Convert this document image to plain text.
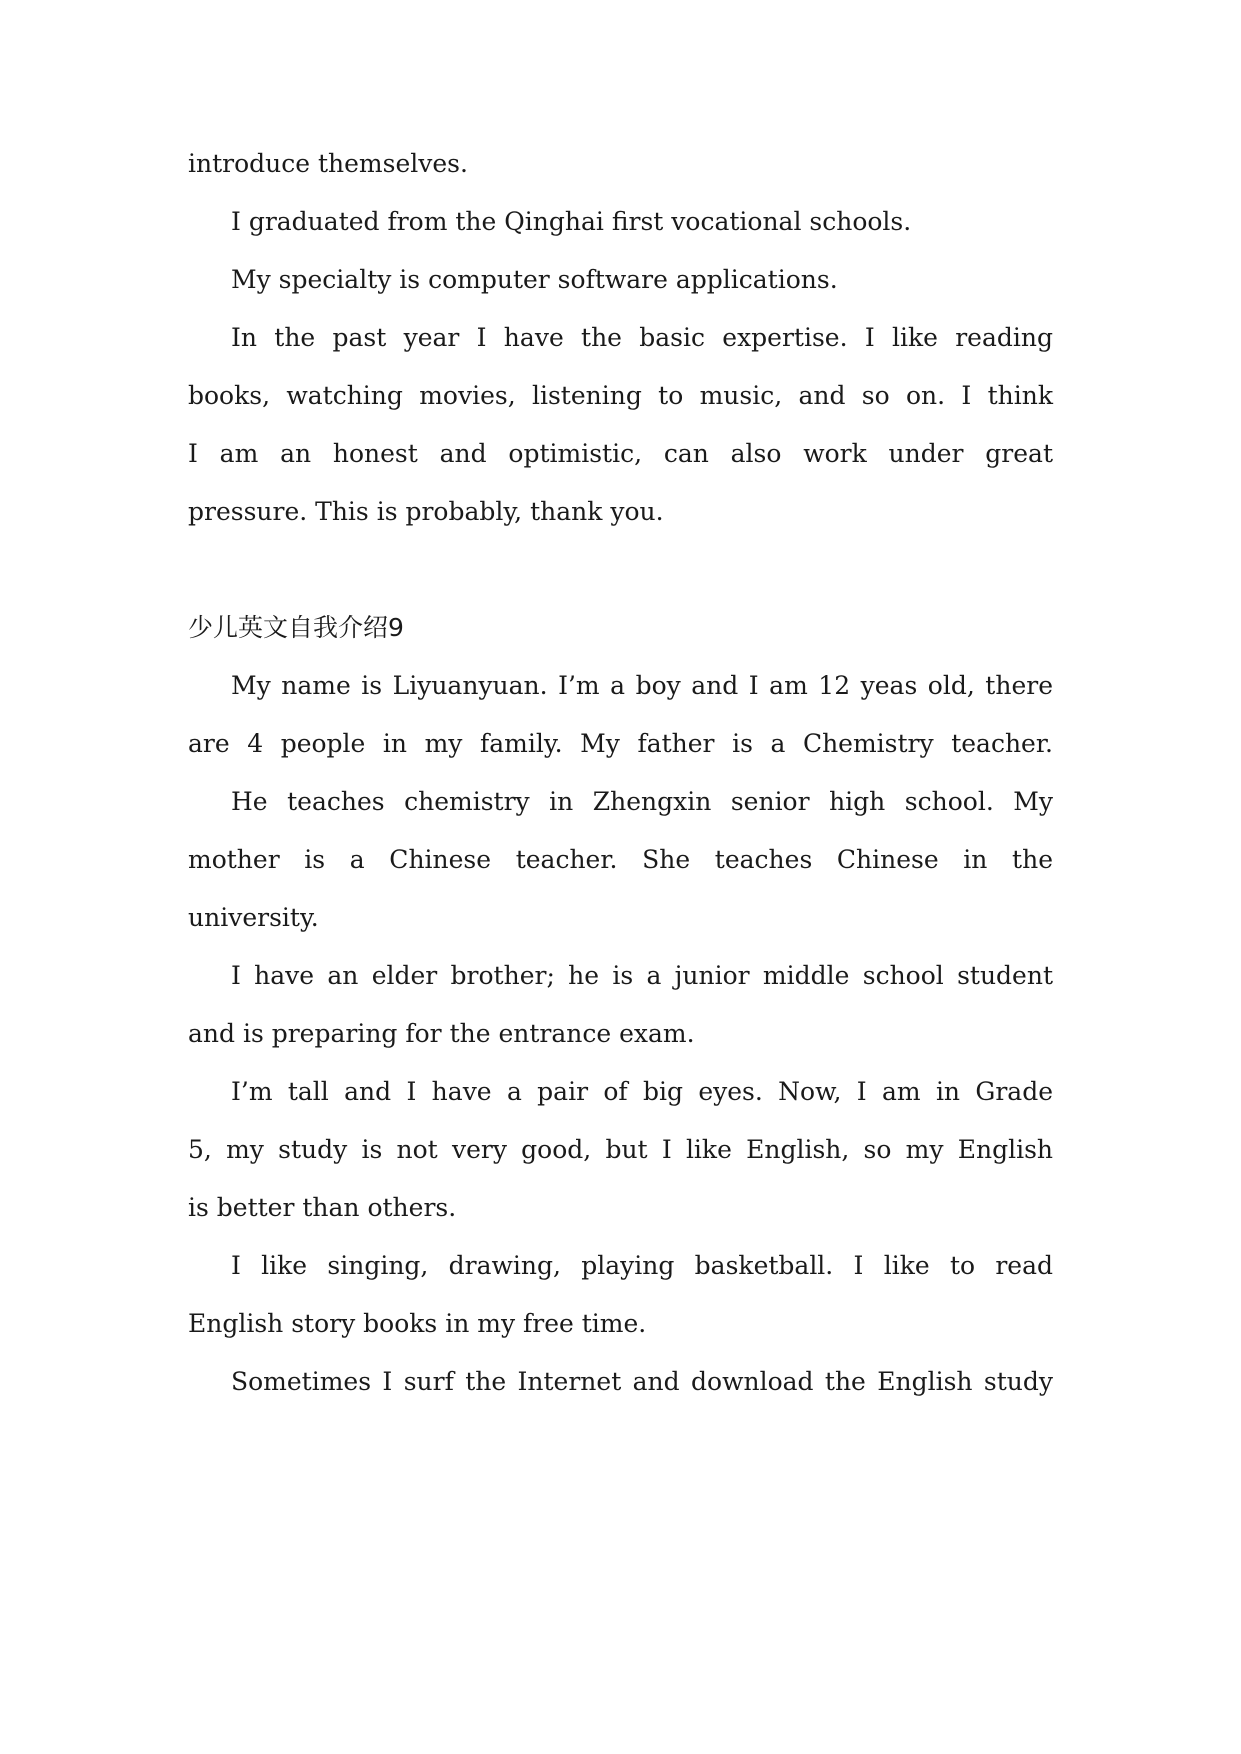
introduce themselves.
I graduated from the Qinghai first vocational schools.
My specialty is computer software applications.
In the past year I have the basic expertise. I like reading
books, watching movies, listening to music, and so on. I think
I am an honest and optimistic, can also work under great
pressure. This is probably, thank you.
少儿英文自我介绍9
My name is Liyuanyuan. I’m a boy and I am 12 yeas old, there
are 4 people in my family. My father is a Chemistry teacher.
He teaches chemistry in Zhengxin senior high school. My
mother is a Chinese teacher. She teaches Chinese in the
university.
I have an elder brother; he is a junior middle school student
and is preparing for the entrance exam.
I’m tall and I have a pair of big eyes. Now, I am in Grade
5, my study is not very good, but I like English, so my English
is better than others.
I like singing, drawing, playing basketball. I like to read
English story books in my free time.
Sometimes I surf the Internet and download the English study
